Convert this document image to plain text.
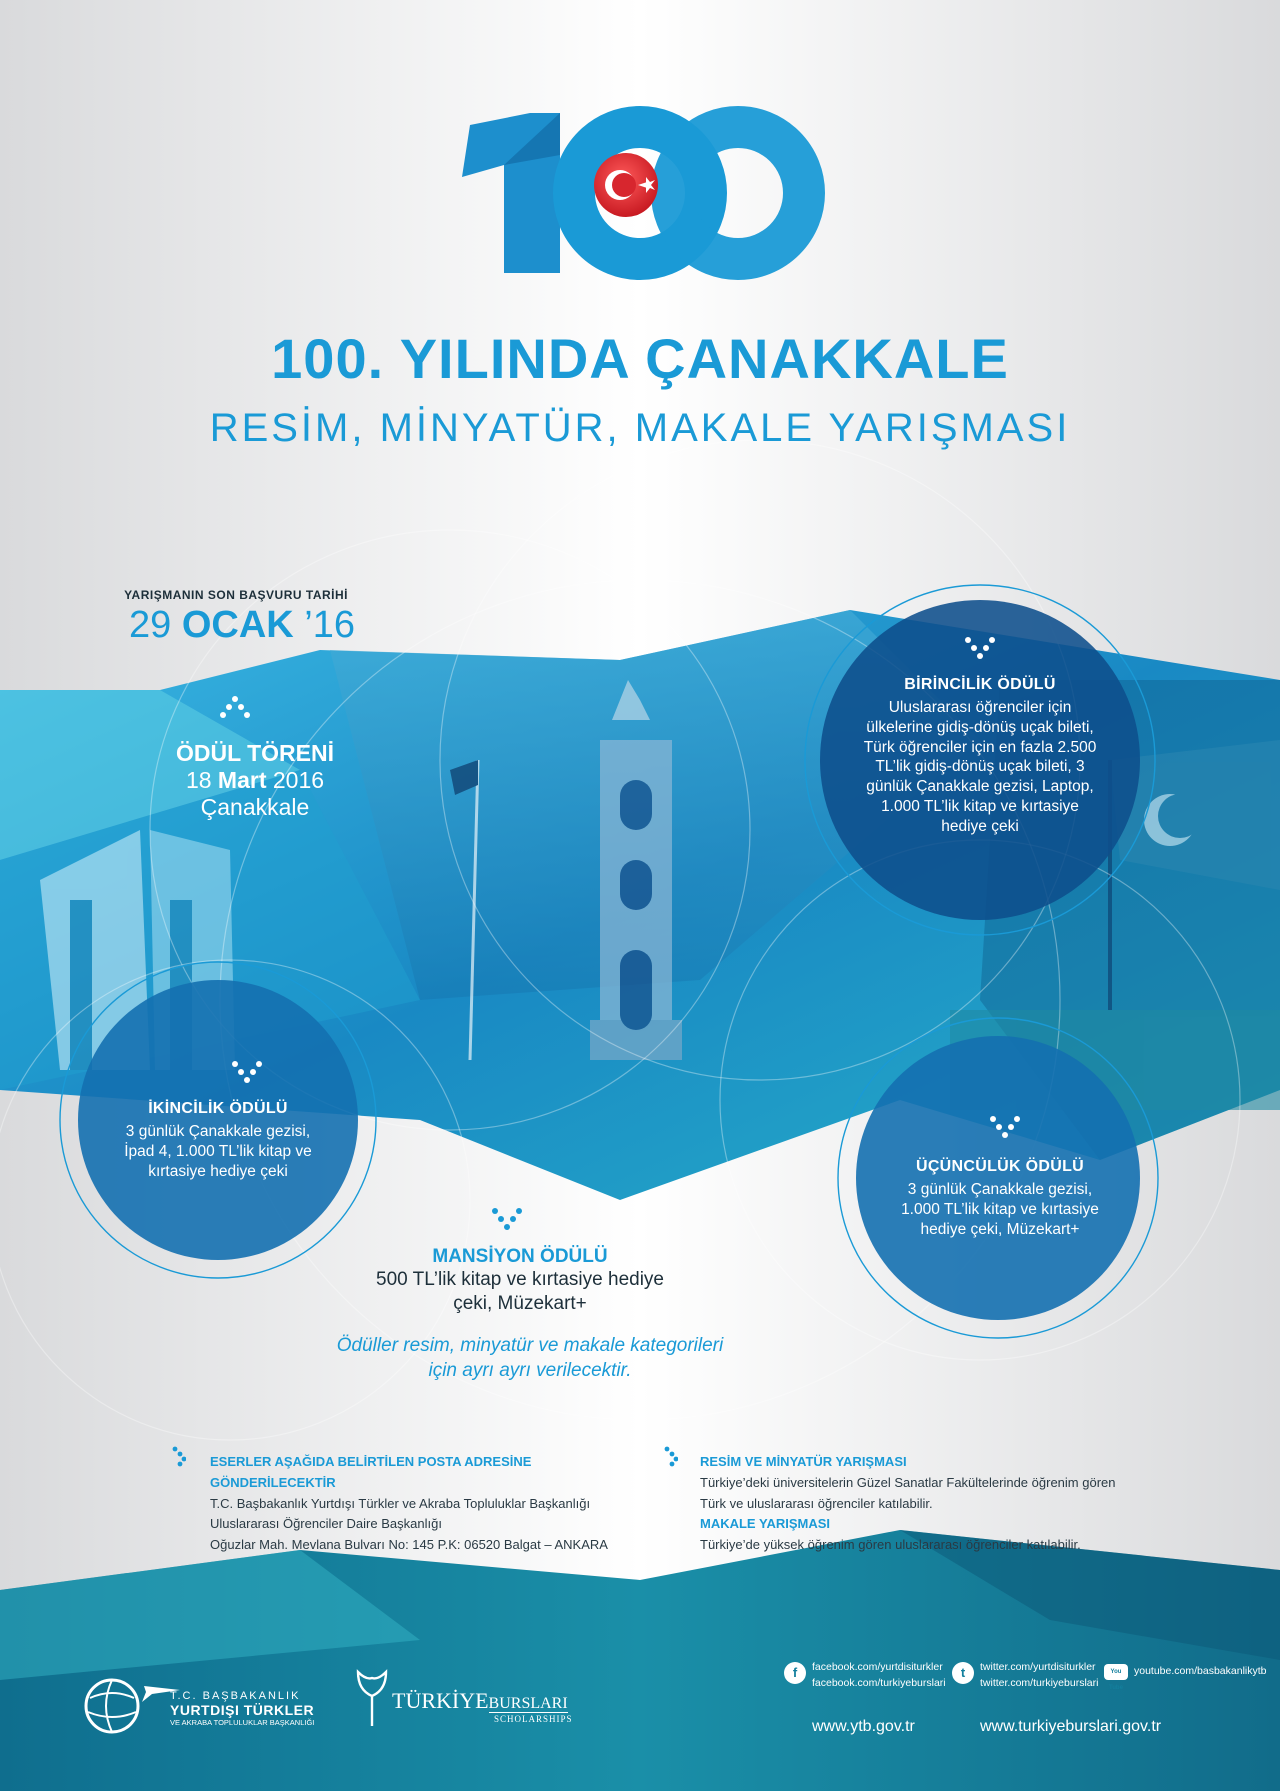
100. YILINDA ÇANAKKALE
RESİM, MİNYATÜR, MAKALE YARIŞMASI
YARIŞMANIN SON BAŞVURU TARİHİ
29 OCAK ’16
ÖDÜL TÖRENİ
18 Mart 2016 Çanakkale
BİRİNCİLİK ÖDÜLÜ
Uluslararası öğrenciler için ülkelerine gidiş-dönüş uçak bileti, Türk öğrenciler için en fazla 2.500 TL’lik gidiş-dönüş uçak bileti, 3 günlük Çanakkale gezisi, Laptop, 1.000 TL’lik kitap ve kırtasiye hediye çeki
İKİNCİLİK ÖDÜLÜ
3 günlük Çanakkale gezisi, İpad 4, 1.000 TL’lik kitap ve kırtasiye hediye çeki	ÜÇÜNCÜLÜK ÖDÜLÜ
3 günlük Çanakkale gezisi, 1.000 TL’lik kitap ve kırtasiye hediye çeki, Müzekart+
MANSİYON ÖDÜLÜ
500 TL’lik kitap ve kırtasiye hediye çeki, Müzekart+
Ödüller resim, minyatür ve makale kategorileri için ayrı ayrı verilecektir.
ESERLER AŞAĞIDA BELİRTİLEN POSTA ADRESİNE GÖNDERİLECEKTİR
T.C. Başbakanlık Yurtdışı Türkler ve Akraba Topluluklar Başkanlığı
Uluslararası Öğrenciler Daire Başkanlığı
Oğuzlar Mah. Mevlana Bulvarı No: 145 P.K: 06520 Balgat – ANKARA
RESİM VE MİNYATÜR YARIŞMASI
Türkiye’deki üniversitelerin Güzel Sanatlar Fakültelerinde öğrenim gören
Türk ve uluslararası öğrenciler katılabilir.
MAKALE YARIŞMASI
Türkiye’de yüksek öğrenim gören uluslararası öğrenciler katılabilir.
T.C. BAŞBAKANLIK
YURTDIŞI TÜRKLER
VE AKRABA TOPLULUKLAR BAŞKANLIĞI
TÜRKİYEBURSLARI
SCHOLARSHIPS
f	facebook.com/yurtdisiturkler
facebook.com/turkiyeburslari
t	twitter.com/yurtdisiturkler
twitter.com/turkiyeburslari
You Tube
youtube.com/basbakanlikytb
www.ytb.gov.tr	www.turkiyeburslari.gov.tr
